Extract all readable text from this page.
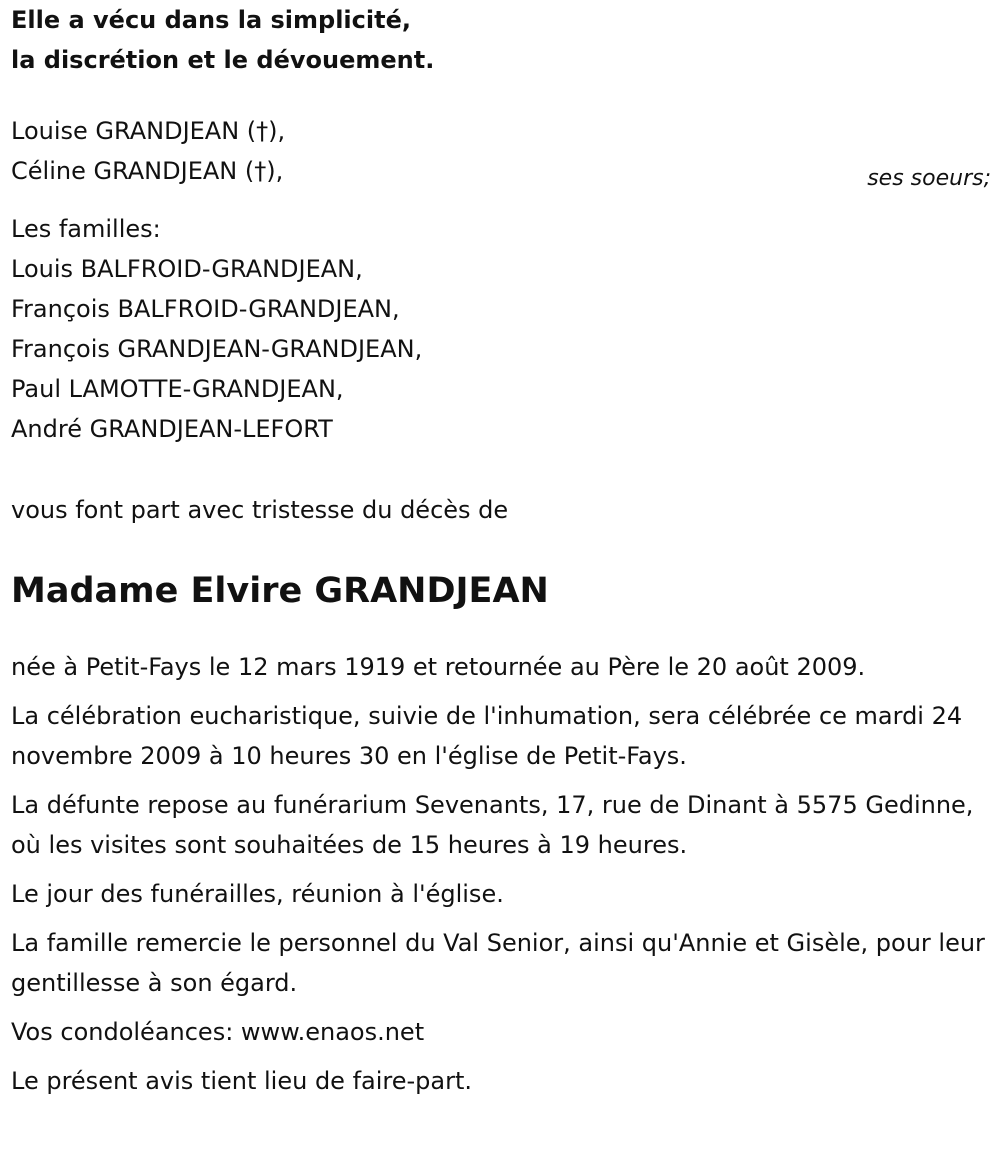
Elle a vécu dans la simplicité,
la discrétion et le dévouement.
Louise GRANDJEAN (†),
Céline GRANDJEAN (†),	ses soeurs;
Les familles:
Louis BALFROID-GRANDJEAN,
François BALFROID-GRANDJEAN,
François GRANDJEAN-GRANDJEAN,
Paul LAMOTTE-GRANDJEAN,
André GRANDJEAN-LEFORT
vous font part avec tristesse du décès de
Madame Elvire GRANDJEAN

née à Petit-Fays le 12 mars 1919 et retournée au Père le 20 août 2009.

La célébration eucharistique, suivie de l'inhumation, sera célébrée ce mardi 24 novembre 2009 à 10 heures 30 en l'église de Petit-Fays.

La défunte repose au funérarium Sevenants, 17, rue de Dinant à 5575 Gedinne, où les visites sont souhaitées de 15 heures à 19 heures.

Le jour des funérailles, réunion à l'église.

La famille remercie le personnel du Val Senior, ainsi qu'Annie et Gisèle, pour leur gentillesse à son égard.

Vos condoléances: www.enaos.net

Le présent avis tient lieu de faire-part.
